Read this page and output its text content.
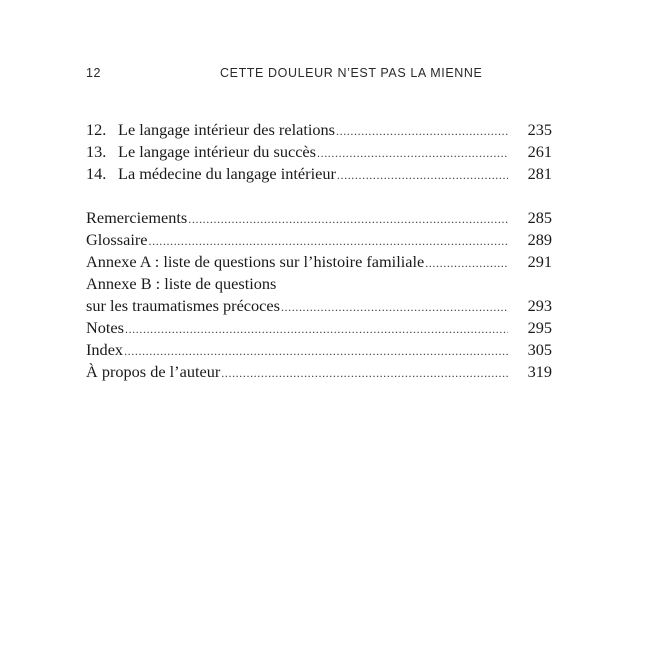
12	CETTE DOULEUR N’EST PAS LA MIENNE
12. Le langage intérieur des relations .....	235
13. Le langage intérieur du succès .....	261
14. La médecine du langage intérieur .....	281
Remerciements .....	285
Glossaire .....	289
Annexe A : liste de questions sur l’histoire familiale .....	291
Annexe B : liste de questions
sur les traumatismes précoces .....	293
Notes .....	295
Index .....	305
À propos de l’auteur .....	319
